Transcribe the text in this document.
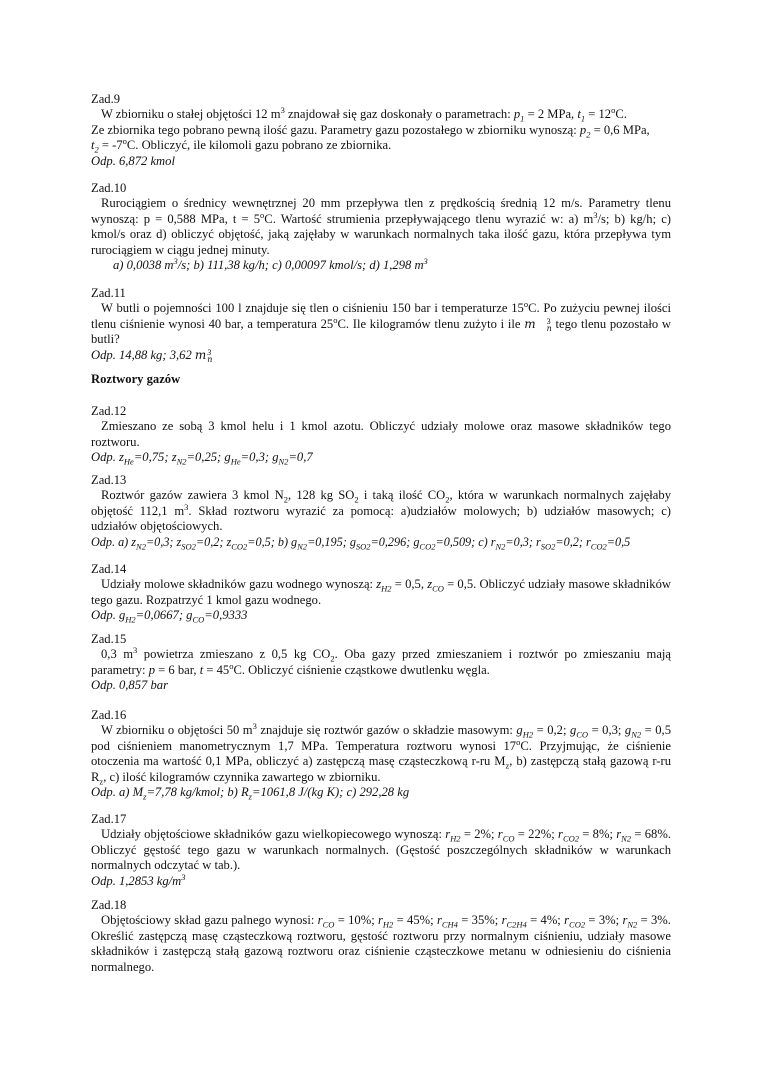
Zad.9

W zbiorniku o stałej objętości 12 $m^3$ znajdował się gaz doskonały o parametrach: $p_1 = 2$ MPa, $t_1 = 12^oC$.

Ze zbiornika tego pobrano pewną ilość gazu. Parametry gazu pozostałego w zbiorniku wynoszą: $p_2 = 0,6$ MPa,

$t_2 = -7^oC$. Obliczyć, ile kilomoli gazu pobrano ze zbiornika.

Odp. 6,872 kmol

Zad.10

Rurociągiem o średnicy wewnętrznej 20 mm przepływa tlen z prędkością średnią 12 m/s. Parametry tlenu wynoszą: p = 0,588 MPa, $t = 5^oC$. Wartość strumienia przepływającego tlenu wyrazić w: a) $m^3/s$; b) kg/h; c) kmol/s oraz d) obliczyć objętość, jaką zajęłaby w warunkach normalnych taka ilość gazu, która przepływa tym rurociągiem w ciągu jednej minuty.

a) 0,0038 $m^3/s$; b) 111,38 kg/h; c) 0,00097 kmol/s; d) 1,298 $m^3$

Zad.11

W butli o pojemności 100 l znajduje się tlen o ciśnieniu 150 bar i temperaturze 15$^o$C. Po zużyciu pewnej ilości tlenu ciśnienie wynosi 40 bar, a temperatura 25$^o$C. Ile kilogramów tlenu zużyto i ile m	3
n tego tlenu pozostało w butli?

Odp. 14,88 kg; 3,62 m 3
n

Roztwory gazów

Zad.12

Zmieszano ze sobą 3 kmol helu i 1 kmol azotu. Obliczyć udziały molowe oraz masowe składników tego roztworu.

Odp. $z_{He}=0,75$; $z_{N2}=0,25$; $g_{He}=0,3$; $g_{N2}=0,7$

Zad.13

Roztwór gazów zawiera 3 kmol $N_2$, 128 kg $SO_2$ i taką ilość $CO_2$, która w warunkach normalnych zajęłaby objętość 112,1 $m^3$. Skład roztworu wyrazić za pomocą: a)udziałów molowych; b) udziałów masowych; c) udziałów objętościowych.

Odp. a) $z_{N2}=0,3$; $z_{SO2}=0,2$; $z_{CO2}=0,5$; b) $g_{N2}=0,195$; $g_{SO2}=0,296$; $g_{CO2}=0,509$; c) $r_{N2}=0,3$; $r_{SO2}=0,2$; $r_{CO2}=0,5$

Zad.14

Udziały molowe składników gazu wodnego wynoszą: $z_{H2} = 0,5$, $z_{CO} = 0,5$. Obliczyć udziały masowe składników tego gazu. Rozpatrzyć 1 kmol gazu wodnego.

Odp. $g_{H2}=0,0667$; $g_{CO}=0,9333$

Zad.15

0,3 $m^3$ powietrza zmieszano z 0,5 kg $CO_2$. Oba gazy przed zmieszaniem i roztwór po zmieszaniu mają parametry: p = 6 bar, $t = 45^oC$. Obliczyć ciśnienie cząstkowe dwutlenku węgla.

Odp. 0,857 bar

Zad.16

W zbiorniku o objętości 50 $m^3$ znajduje się roztwór gazów o składzie masowym: $g_{H2} = 0,2$; $g_{CO} = 0,3$; $g_{N2} = 0,5$ pod ciśnieniem manometrycznym 1,7 MPa. Temperatura roztworu wynosi 17$^o$C. Przyjmując, że ciśnienie otoczenia ma wartość 0,1 MPa, obliczyć a) zastępczą masę cząsteczkową r-ru $M_z$, b) zastępczą stałą gazową r-ru $R_z$, c) ilość kilogramów czynnika zawartego w zbiorniku.

Odp. a) $M_z=7,78$ kg/kmol; b) $R_z=1061,8$ J/(kg K); c) 292,28 kg

Zad.17

Udziały objętościowe składników gazu wielkopiecowego wynoszą: $r_{H2} = 2\%$; $r_{CO} = 22\%$; $r_{CO2} = 8\%$; $r_{N2} = 68\%$. Obliczyć gęstość tego gazu w warunkach normalnych. (Gęstość poszczególnych składników w warunkach normalnych odczytać w tab.).

Odp. 1,2853 $kg/m^3$

Zad.18

Objętościowy skład gazu palnego wynosi: $r_{CO} = 10\%$; $r_{H2} = 45\%$; $r_{CH4} = 35\%$; $r_{C2H4} = 4\%$; $r_{CO2} = 3\%$; $r_{N2} = 3\%$. Określić zastępczą masę cząsteczkową roztworu, gęstość roztworu przy normalnym ciśnieniu, udziały masowe składników i zastępczą stałą gazową roztworu oraz ciśnienie cząsteczkowe metanu w odniesieniu do ciśnienia normalnego.
